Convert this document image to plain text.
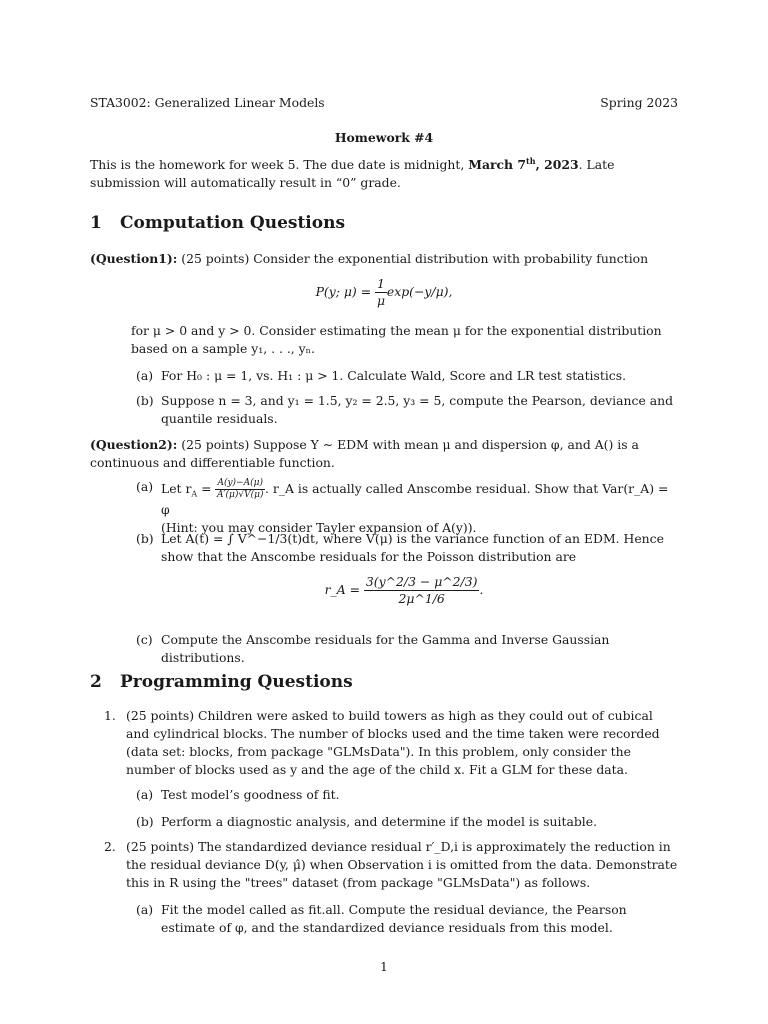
STA3002: Generalized Linear Models	Spring 2023
Homework #4
This is the homework for week 5. The due date is midnight, March 7th, 2023. Late submission will automatically result in “0” grade.
1 Computation Questions
(Question1): (25 points) Consider the exponential distribution with probability function
P(y; $\mu) = \frac{1}{\mu} \exp(-y/\mu)$,
for μ > 0 and y > 0. Consider estimating the mean μ for the exponential distribution based on a sample y₁, . . ., yₙ.
(a) For H₀ : μ = 1, vs. H₁ : μ > 1. Calculate Wald, Score and LR test statistics.
(b) Suppose n = 3, and y₁ = 1.5, y₂ = 2.5, y₃ = 5, compute the Pearson, deviance and quantile residuals.
(Question2): (25 points) Suppose Y ∼ EDM with mean μ and dispersion φ, and A() is a continuous and differentiable function.
(a) Let $r_A = \frac{A(y)-A(\mu)}{A'(\mu)√V(\mu)}$ . r_A is actually called Anscombe residual. Show that Var(r_A) = φ
(Hint: you may consider Tayler expansion of A(y)).
(b) Let A(t) = ∫ V^−1/3(t)dt, where V(μ) is the variance function of an EDM. Hence show that the Anscombe residuals for the Poisson distribution are
r_A = $\frac{3(y\^{}2/3 - \mu\^{}2/3)}{2\mu\^{}1/6}$ .
(c) Compute the Anscombe residuals for the Gamma and Inverse Gaussian distributions.
2 Programming Questions
1. (25 points) Children were asked to build towers as high as they could out of cubical and cylindrical blocks. The number of blocks used and the time taken were recorded (data set: blocks, from package "GLMsData"). In this problem, only consider the number of blocks used as y and the age of the child x. Fit a GLM for these data.
(a) Test model’s goodness of fit.
(b) Perform a diagnostic analysis, and determine if the model is suitable.
2. (25 points) The standardized deviance residual r′_D,i is approximately the reduction in the residual deviance D(y, μ̂) when Observation i is omitted from the data. Demonstrate this in R using the "trees" dataset (from package "GLMsData") as follows.
(a) Fit the model called as fit.all. Compute the residual deviance, the Pearson estimate of φ, and the standardized deviance residuals from this model.
1
